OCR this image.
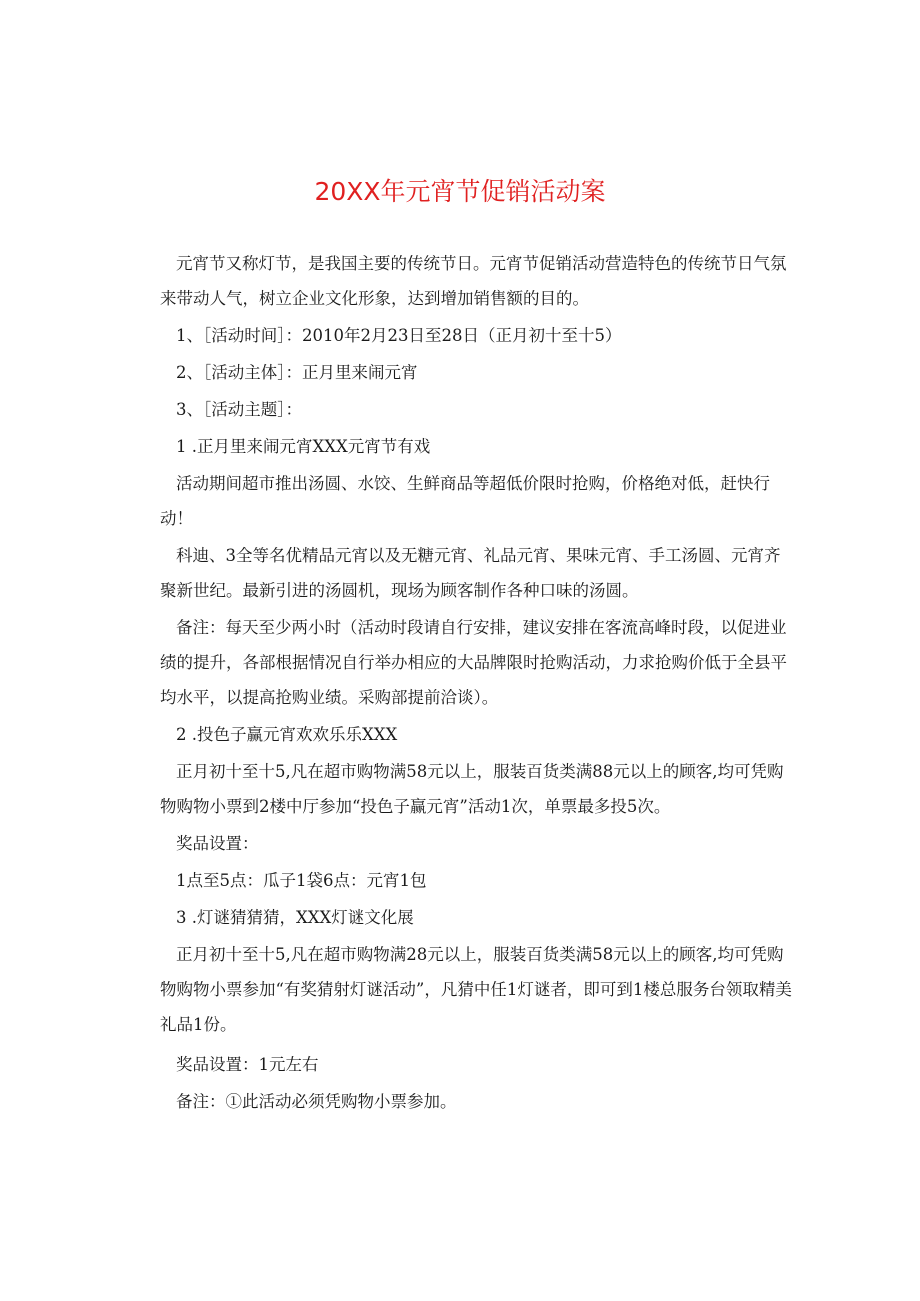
20XX年元宵节促销活动案

元宵节又称灯节，是我国主要的传统节日。元宵节促销活动营造特色的传统节日气氛来带动人气，树立企业文化形象，达到增加销售额的目的。

1、［活动时间］：2010年2月23日至28日（正月初十至十5）

2、［活动主体］：正月里来闹元宵

3、［活动主题］：

1 .正月里来闹元宵XXX元宵节有戏

活动期间超市推出汤圆、水饺、生鲜商品等超低价限时抢购，价格绝对低，赶快行动！

科迪、3全等名优精品元宵以及无糖元宵、礼品元宵、果味元宵、手工汤圆、元宵齐聚新世纪。最新引进的汤圆机，现场为顾客制作各种口味的汤圆。

备注：每天至少两小时（活动时段请自行安排，建议安排在客流高峰时段，以促进业绩的提升，各部根据情况自行举办相应的大品牌限时抢购活动，力求抢购价低于全县平均水平，以提高抢购业绩。采购部提前洽谈）。

2 .投色子赢元宵欢欢乐乐XXX

正月初十至十5,凡在超市购物满58元以上，服装百货类满88元以上的顾客,均可凭购物购物小票到2楼中厅参加“投色子赢元宵”活动1次，单票最多投5次。

奖品设置：

1点至5点：瓜子1袋6点：元宵1包

3 .灯谜猜猜猜，XXX灯谜文化展

正月初十至十5,凡在超市购物满28元以上，服装百货类满58元以上的顾客,均可凭购物购物小票参加“有奖猜射灯谜活动”，凡猜中任1灯谜者，即可到1楼总服务台领取精美礼品1份。

奖品设置：1元左右

备注：①此活动必须凭购物小票参加。
